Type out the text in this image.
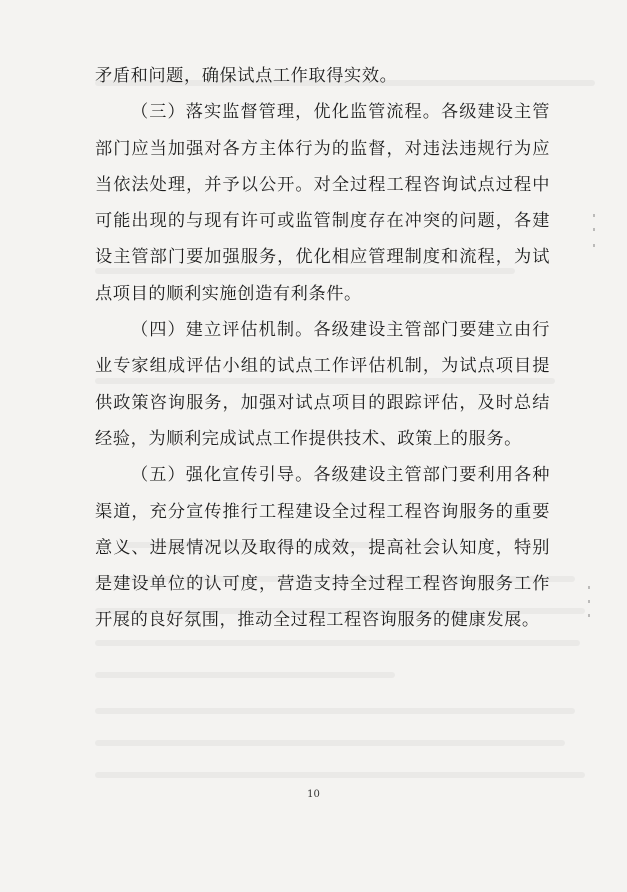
矛盾和问题，确保试点工作取得实效。

（三）落实监督管理，优化监管流程。各级建设主管部门应当加强对各方主体行为的监督，对违法违规行为应当依法处理，并予以公开。对全过程工程咨询试点过程中可能出现的与现有许可或监管制度存在冲突的问题，各建设主管部门要加强服务，优化相应管理制度和流程，为试点项目的顺利实施创造有利条件。

（四）建立评估机制。各级建设主管部门要建立由行业专家组成评估小组的试点工作评估机制，为试点项目提供政策咨询服务，加强对试点项目的跟踪评估，及时总结经验，为顺利完成试点工作提供技术、政策上的服务。

（五）强化宣传引导。各级建设主管部门要利用各种渠道，充分宣传推行工程建设全过程工程咨询服务的重要意义、进展情况以及取得的成效，提高社会认知度，特别是建设单位的认可度，营造支持全过程工程咨询服务工作开展的良好氛围，推动全过程工程咨询服务的健康发展。

10
